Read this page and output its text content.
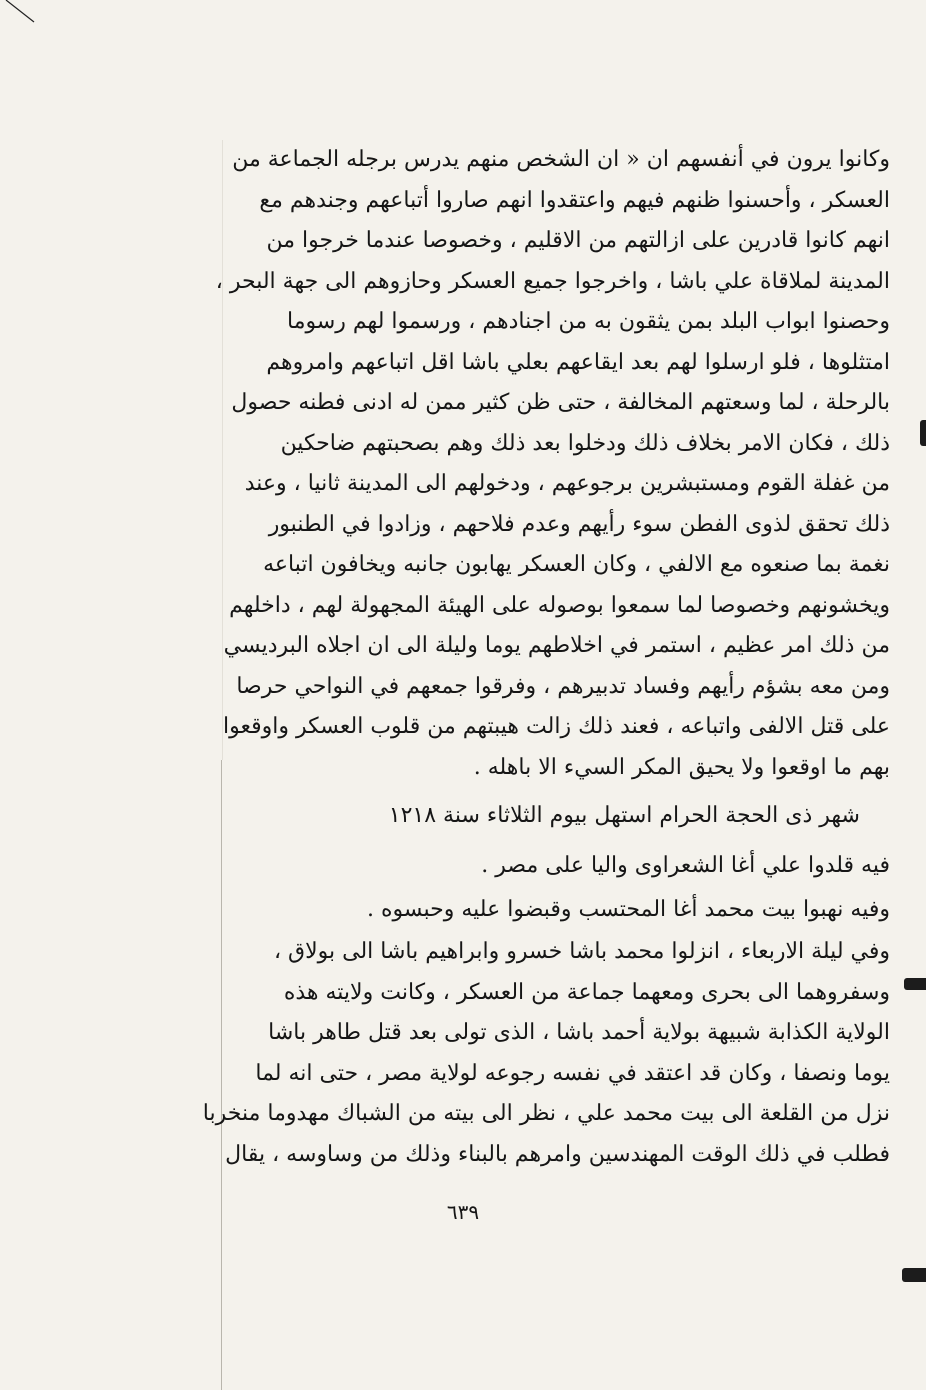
وكانوا يرون في أنفسهم ان « ان الشخص منهم يدرس برجله الجماعة من
العسكر ، وأحسنوا ظنهم فيهم واعتقدوا انهم صاروا أتباعهم وجندهم مع
انهم كانوا قادرين على ازالتهم من الاقليم ، وخصوصا عندما خرجوا من
المدينة لملاقاة علي باشا ، واخرجوا جميع العسكر وحازوهم الى جهة البحر ،
وحصنوا ابواب البلد بمن يثقون به من اجنادهم ، ورسموا لهم رسوما
امتثلوها ، فلو ارسلوا لهم بعد ايقاعهم بعلي باشا اقل اتباعهم وامروهم
بالرحلة ، لما وسعتهم المخالفة ، حتى ظن كثير ممن له ادنى فطنه حصول
ذلك ، فكان الامر بخلاف ذلك ودخلوا بعد ذلك وهم بصحبتهم ضاحكين
من غفلة القوم ومستبشرين برجوعهم ، ودخولهم الى المدينة ثانيا ، وعند
ذلك تحقق لذوى الفطن سوء رأيهم وعدم فلاحهم ، وزادوا في الطنبور
نغمة بما صنعوه مع الالفي ، وكان العسكر يهابون جانبه ويخافون اتباعه
ويخشونهم وخصوصا لما سمعوا بوصوله على الهيئة المجهولة لهم ، داخلهم
من ذلك امر عظيم ، استمر في اخلاطهم يوما وليلة الى ان اجلاه البرديسي
ومن معه بشؤم رأيهم وفساد تدبيرهم ، وفرقوا جمعهم في النواحي حرصا
على قتل الالفى واتباعه ، فعند ذلك زالت هيبتهم من قلوب العسكر واوقعوا
بهم ما اوقعوا ولا يحيق المكر السيء الا باهله .
شهر ذى الحجة الحرام استهل بيوم الثلاثاء سنة ١٢١٨
فيه قلدوا علي أغا الشعراوى واليا على مصر .
وفيه نهبوا بيت محمد أغا المحتسب وقبضوا عليه وحبسوه .
وفي ليلة الاربعاء ، انزلوا محمد باشا خسرو وابراهيم باشا الى بولاق ،
وسفروهما الى بحرى ومعهما جماعة من العسكر ، وكانت ولايته هذه
الولاية الكذابة شبيهة بولاية أحمد باشا ، الذى تولى بعد قتل طاهر باشا
يوما ونصفا ، وكان قد اعتقد في نفسه رجوعه لولاية مصر ، حتى انه لما
نزل من القلعة الى بيت محمد علي ، نظر الى بيته من الشباك مهدوما منخربا
فطلب في ذلك الوقت المهندسين وامرهم بالبناء وذلك من وساوسه ، يقال
٦٣٩
